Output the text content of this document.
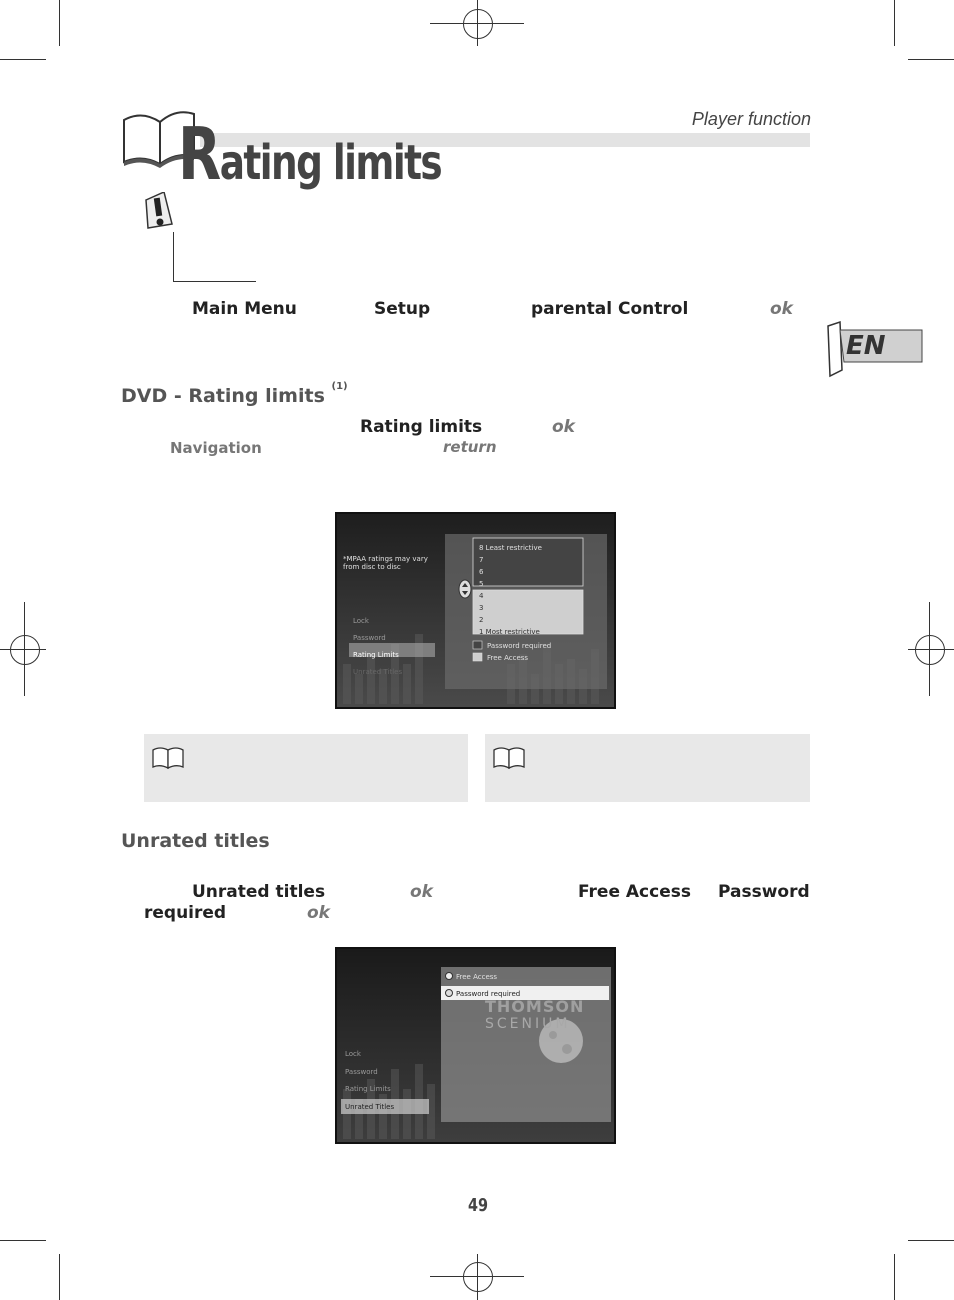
Player function
Rating limits
Main Menu	Setup	parental Control	ok
EN
DVD - Rating limits $^{(1)}$
Rating limits	ok
Navigation	return
*MPAA ratings may vary from disc to disc
8 Least restrictive
7
6
5
4
3
2
1 Most restrictive
Password required
Free Access
Lock
Password
Rating Limits
Unrated Titles
Unrated titles
Unrated titles	ok	Free Access Password
required	ok
Free Access
Password required
THOMSON
SCENIUM
Lock
Password
Rating Limits
Unrated Titles
49
